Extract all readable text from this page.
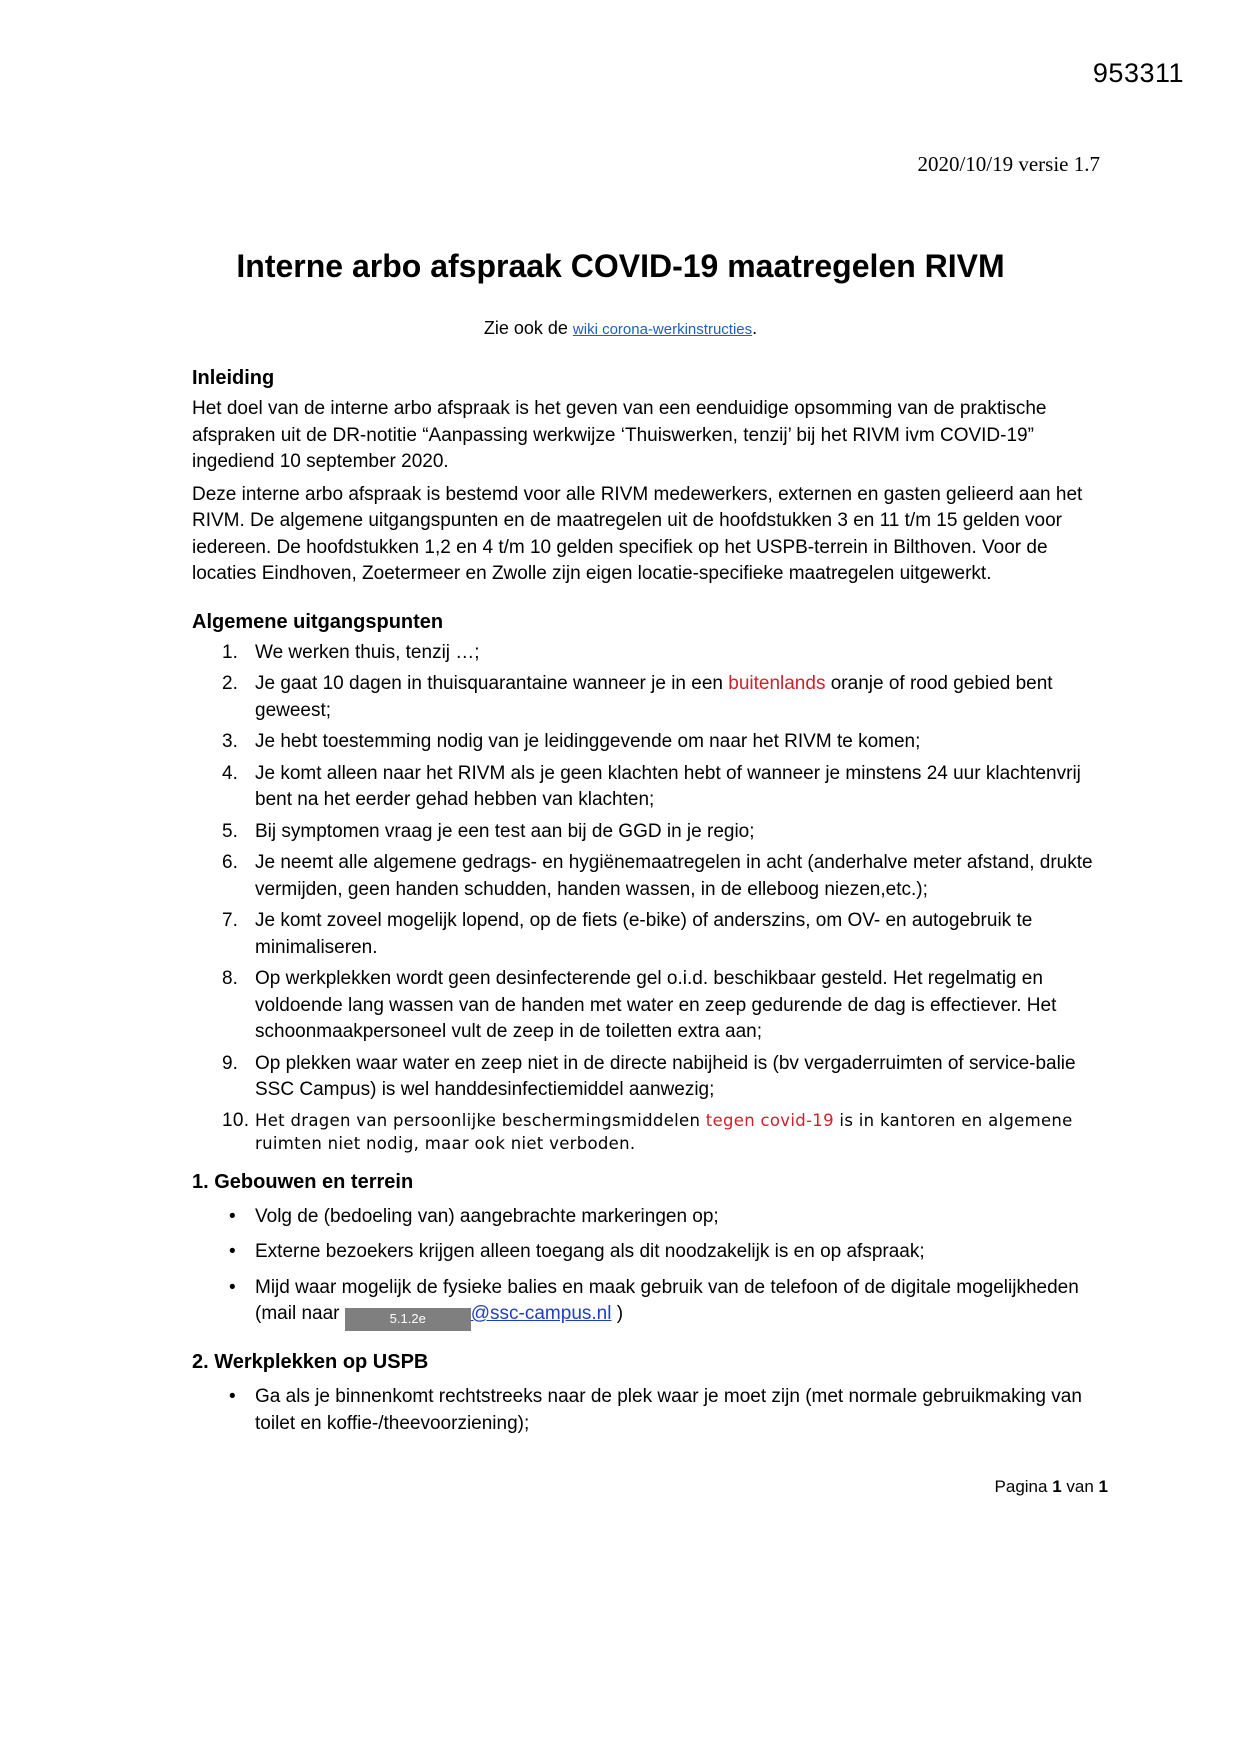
953311
2020/10/19 versie 1.7
Interne arbo afspraak COVID-19 maatregelen RIVM
Zie ook de wiki corona-werkinstructies.
Inleiding

Het doel van de interne arbo afspraak is het geven van een eenduidige opsomming van de praktische afspraken uit de DR-notitie “Aanpassing werkwijze ‘Thuiswerken, tenzij’ bij het RIVM ivm COVID-19” ingediend 10 september 2020.

Deze interne arbo afspraak is bestemd voor alle RIVM medewerkers, externen en gasten gelieerd aan het RIVM. De algemene uitgangspunten en de maatregelen uit de hoofdstukken 3 en 11 t/m 15 gelden voor iedereen. De hoofdstukken 1,2 en 4 t/m 10 gelden specifiek op het USPB-terrein in Bilthoven. Voor de locaties Eindhoven, Zoetermeer en Zwolle zijn eigen locatie-specifieke maatregelen uitgewerkt.

Algemene uitgangspunten
1. We werken thuis, tenzij …;
2. Je gaat 10 dagen in thuisquarantaine wanneer je in een buitenlands oranje of rood gebied bent geweest;
3. Je hebt toestemming nodig van je leidinggevende om naar het RIVM te komen;
4. Je komt alleen naar het RIVM als je geen klachten hebt of wanneer je minstens 24 uur klachtenvrij bent na het eerder gehad hebben van klachten;
5. Bij symptomen vraag je een test aan bij de GGD in je regio;
6. Je neemt alle algemene gedrags- en hygiënemaatregelen in acht (anderhalve meter afstand, drukte vermijden, geen handen schudden, handen wassen, in de elleboog niezen,etc.);
7. Je komt zoveel mogelijk lopend, op de fiets (e-bike) of anderszins, om OV- en autogebruik te minimaliseren.
8. Op werkplekken wordt geen desinfecterende gel o.i.d. beschikbaar gesteld. Het regelmatig en voldoende lang wassen van de handen met water en zeep gedurende de dag is effectiever. Het schoonmaakpersoneel vult de zeep in de toiletten extra aan;
9. Op plekken waar water en zeep niet in de directe nabijheid is (bv vergaderruimten of service-balie SSC Campus) is wel handdesinfectiemiddel aanwezig;
10. Het dragen van persoonlijke beschermingsmiddelen tegen covid-19 is in kantoren en algemene ruimten niet nodig, maar ook niet verboden.
1. Gebouwen en terrein
• Volg de (bedoeling van) aangebrachte markeringen op;
• Externe bezoekers krijgen alleen toegang als dit noodzakelijk is en op afspraak;
• Mijd waar mogelijk de fysieke balies en maak gebruik van de telefoon of de digitale mogelijkheden (mail naar	5.1.2e @ssc-campus.nl )
2. Werkplekken op USPB
• Ga als je binnenkomt rechtstreeks naar de plek waar je moet zijn (met normale gebruikmaking van toilet en koffie-/theevoorziening);
Pagina 1 van 1
